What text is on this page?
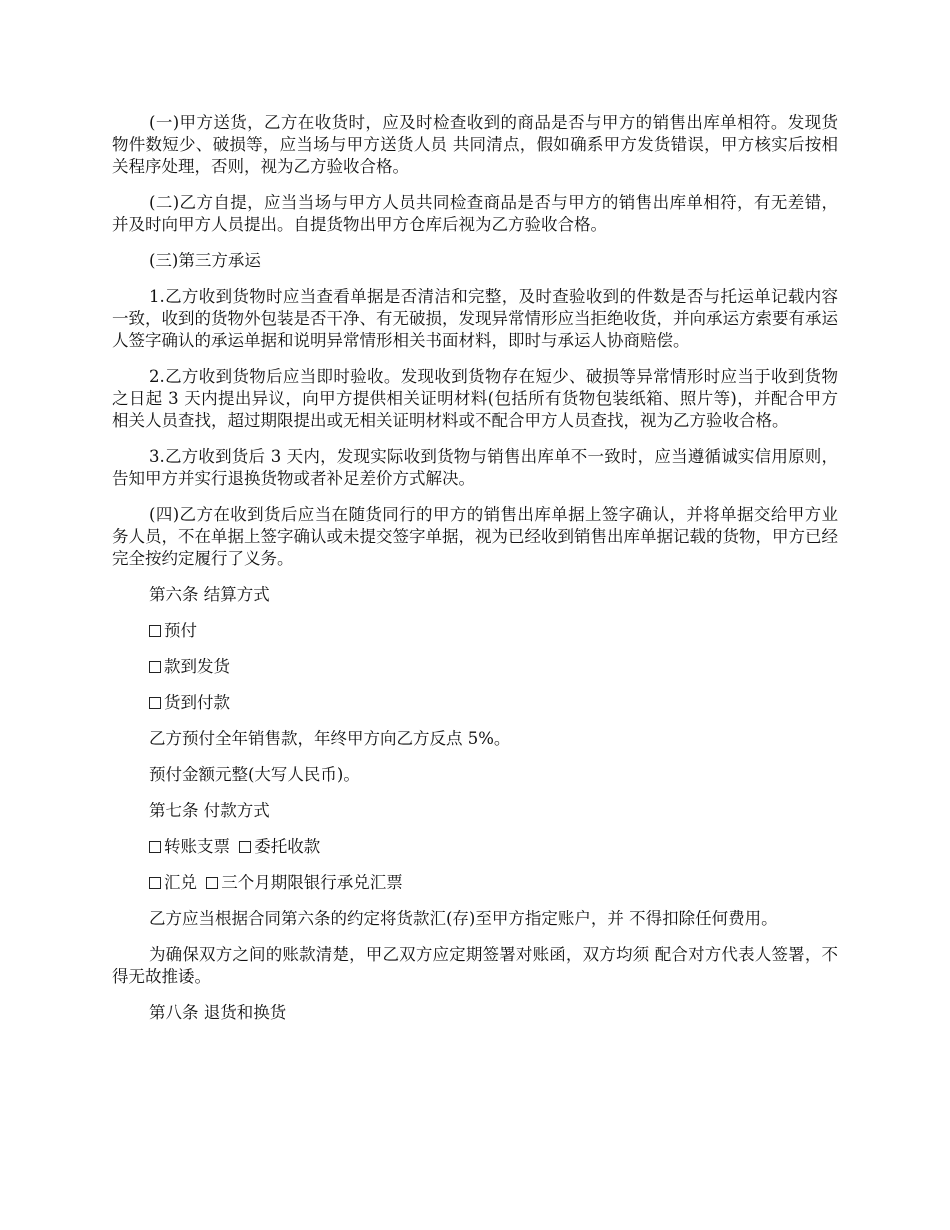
(一)甲方送货，乙方在收货时，应及时检查收到的商品是否与甲方的销售出库单相符。发现货物件数短少、破损等，应当场与甲方送货人员 共同清点，假如确系甲方发货错误，甲方核实后按相关程序处理，否则，视为乙方验收合格。

(二)乙方自提，应当当场与甲方人员共同检查商品是否与甲方的销售出库单相符，有无差错，并及时向甲方人员提出。自提货物出甲方仓库后视为乙方验收合格。

(三)第三方承运

1.乙方收到货物时应当查看单据是否清洁和完整，及时查验收到的件数是否与托运单记载内容一致，收到的货物外包装是否干净、有无破损，发现异常情形应当拒绝收货，并向承运方索要有承运人签字确认的承运单据和说明异常情形相关书面材料，即时与承运人协商赔偿。

2.乙方收到货物后应当即时验收。发现收到货物存在短少、破损等异常情形时应当于收到货物之日起 3 天内提出异议，向甲方提供相关证明材料(包括所有货物包装纸箱、照片等)，并配合甲方相关人员查找，超过期限提出或无相关证明材料或不配合甲方人员查找，视为乙方验收合格。

3.乙方收到货后 3 天内，发现实际收到货物与销售出库单不一致时，应当遵循诚实信用原则，告知甲方并实行退换货物或者补足差价方式解决。

(四)乙方在收到货后应当在随货同行的甲方的销售出库单据上签字确认，并将单据交给甲方业务人员，不在单据上签字确认或未提交签字单据，视为已经收到销售出库单据记载的货物，甲方已经完全按约定履行了义务。

第六条 结算方式

预付

款到发货

货到付款

乙方预付全年销售款，年终甲方向乙方反点 5%。

预付金额元整(大写人民币)。

第七条 付款方式

转账支票 委托收款

汇兑 三个月期限银行承兑汇票

乙方应当根据合同第六条的约定将货款汇(存)至甲方指定账户，并 不得扣除任何费用。

为确保双方之间的账款清楚，甲乙双方应定期签署对账函，双方均须 配合对方代表人签署，不得无故推诿。

第八条 退货和换货
